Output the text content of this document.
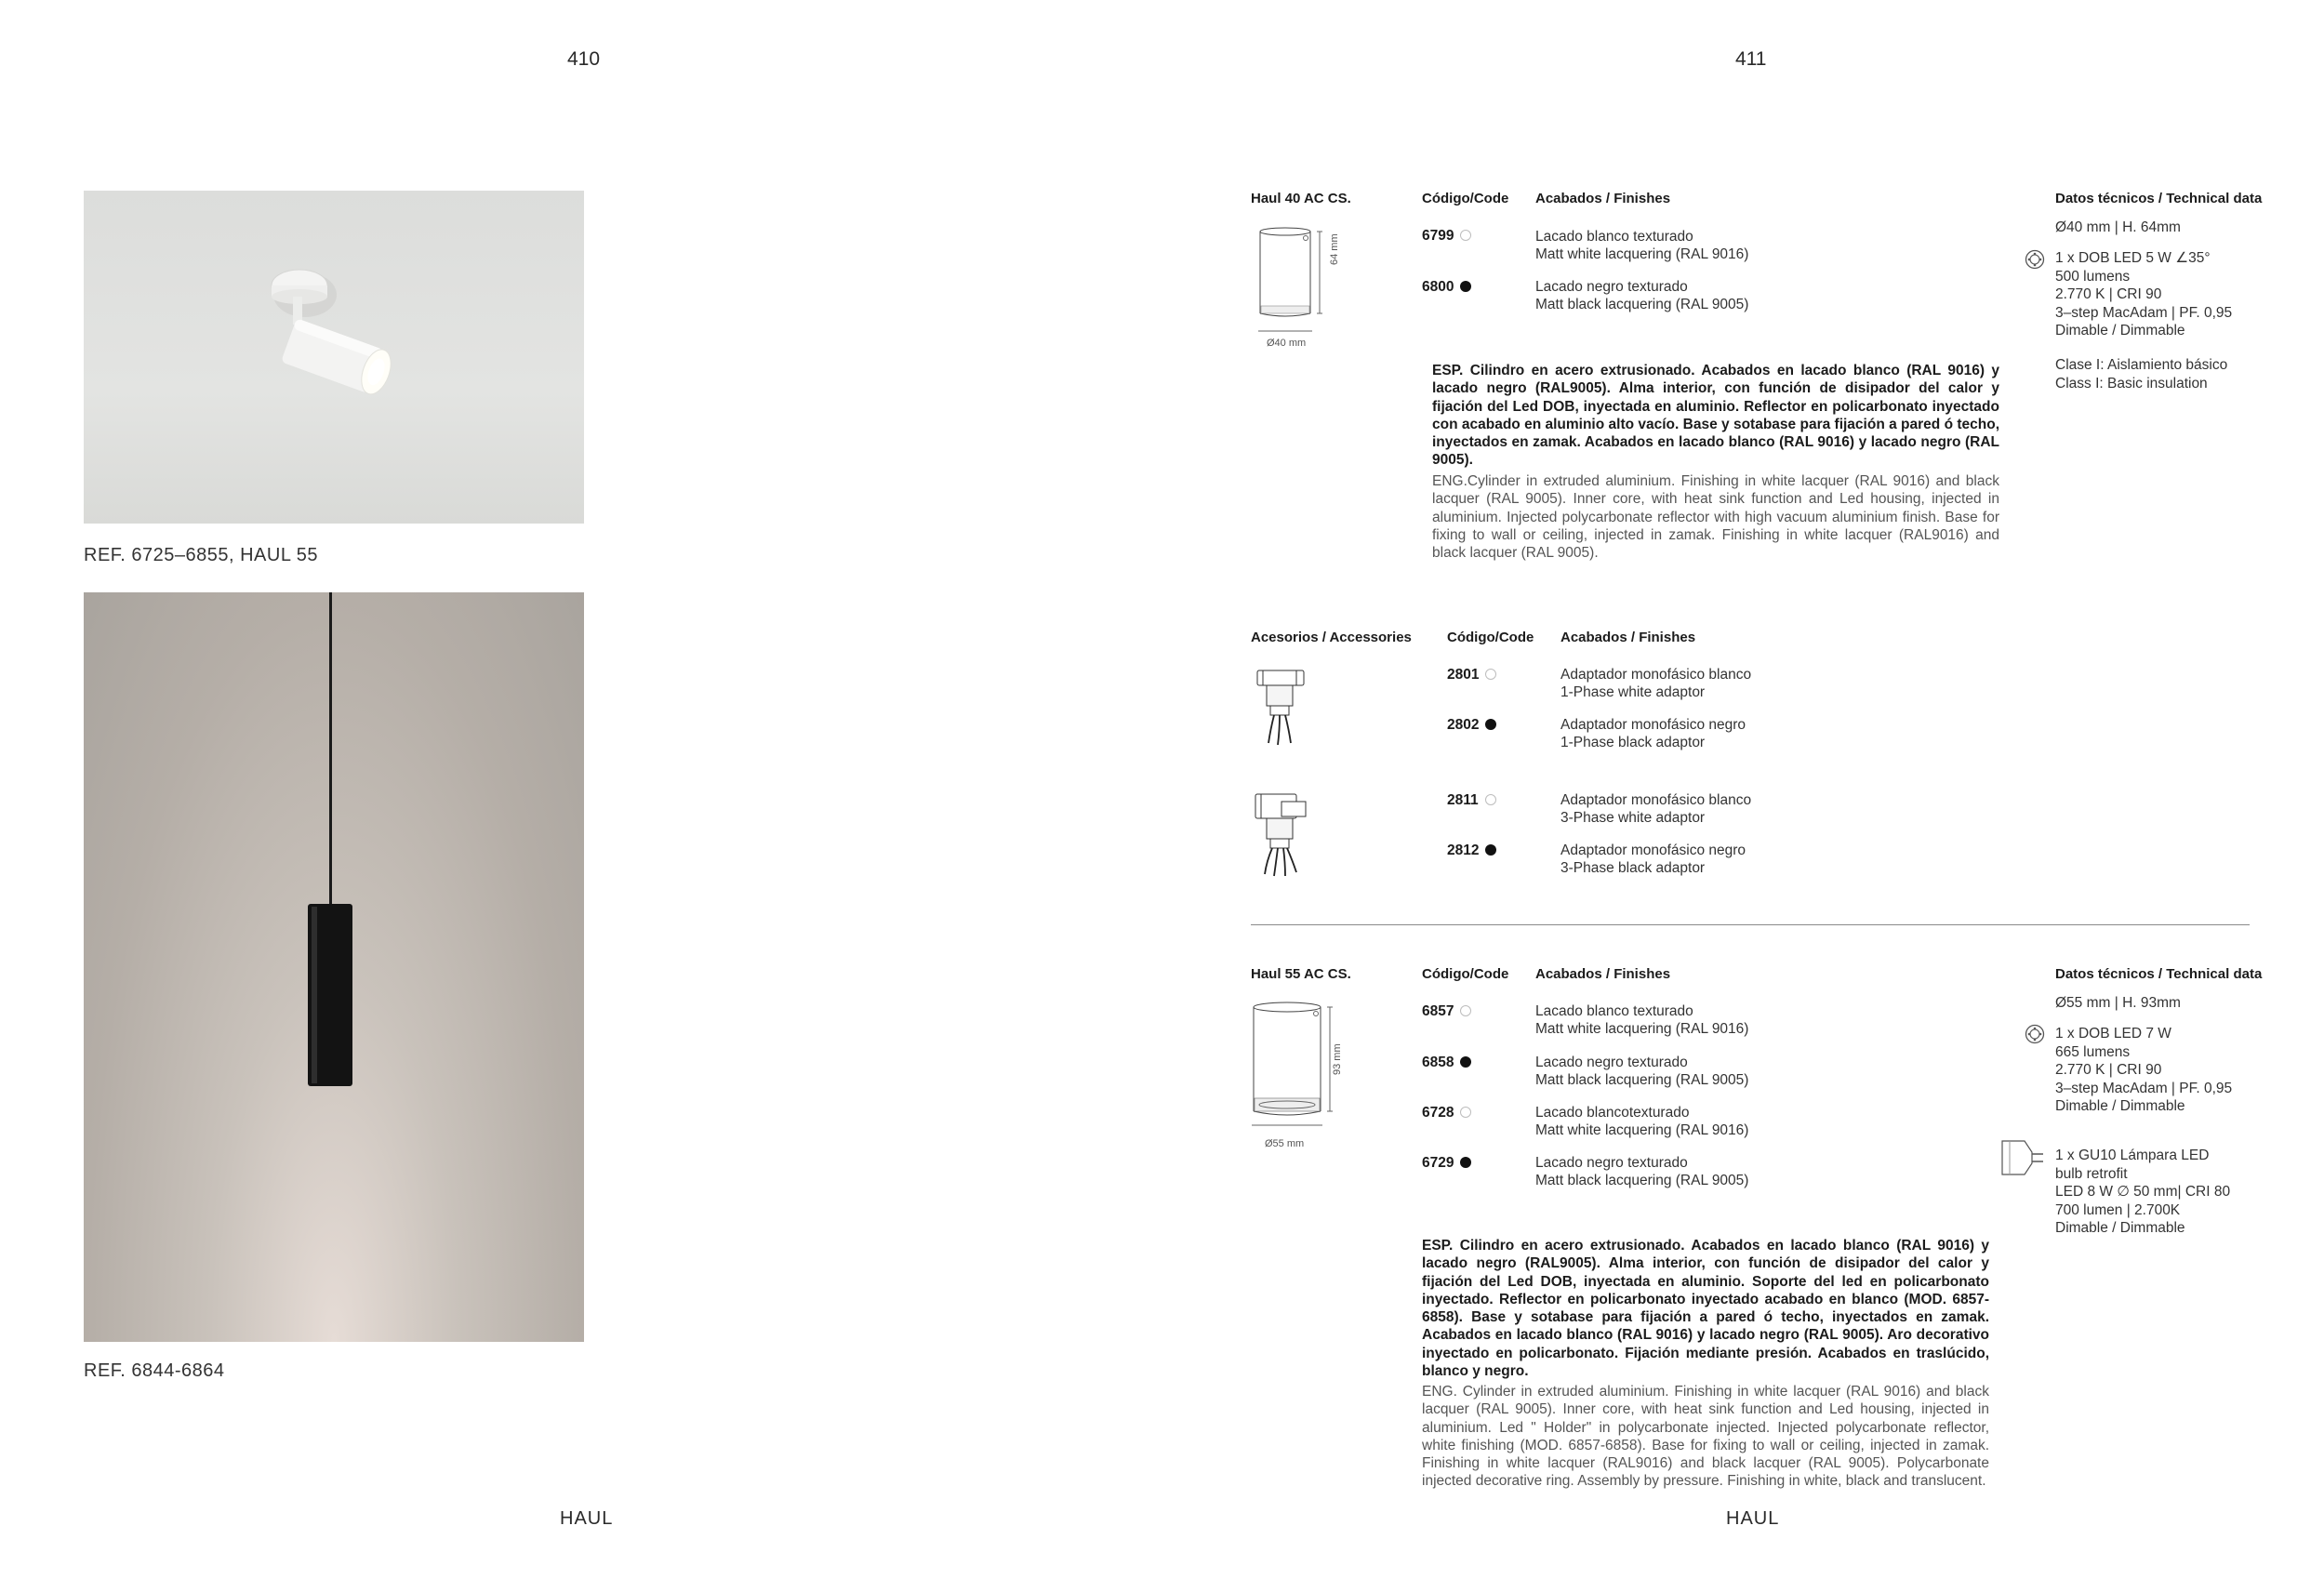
410
REF. 6725–6855, HAUL 55
REF. 6844-6864
HAUL
411
Haul 40 AC CS.	Código/Code Acabados / Finishes	Datos técnicos / Technical data
64 mm
Ø40 mm
6799	Lacado blanco texturado
Matt white lacquering (RAL 9016)
6800	Lacado negro texturado
Matt black lacquering (RAL 9005)
Ø40 mm | H. 64mm
1 x DOB LED 5 W ∠35°
500 lumens
2.770 K | CRI 90
3–step MacAdam | PF. 0,95
Dimable / Dimmable
Clase I: Aislamiento básico
Class I: Basic insulation
ESP. Cilindro en acero extrusionado. Acabados en lacado blanco (RAL 9016) y lacado negro (RAL9005). Alma interior, con función de disipador del calor y fijación del Led DOB, inyectada en aluminio. Reflector en policarbonato inyectado con acabado en aluminio alto vacío. Base y sotabase para fijación a pared ó techo, inyectados en zamak. Acabados en lacado blanco (RAL 9016) y lacado negro (RAL 9005).
ENG.Cylinder in extruded aluminium. Finishing in white lacquer (RAL 9016) and black lacquer (RAL 9005). Inner core, with heat sink function and Led housing, injected in aluminium. Injected polycarbonate reflector with high vacuum aluminium finish. Base for fixing to wall or ceiling, injected in zamak. Finishing in white lacquer (RAL9016) and black lacquer (RAL 9005).
Acesorios / Accessories	Código/Code Acabados / Finishes
2801	Adaptador monofásico blanco
1-Phase white adaptor
2802	Adaptador monofásico negro
1-Phase black adaptor
2811	Adaptador monofásico blanco
3-Phase white adaptor
2812	Adaptador monofásico negro
3-Phase black adaptor
Haul 55 AC CS.	Código/Code Acabados / Finishes	Datos técnicos / Technical data
93 mm
Ø55 mm
6857	Lacado blanco texturado
Matt white lacquering (RAL 9016)
6858	Lacado negro texturado
Matt black lacquering (RAL 9005)
6728	Lacado blancotexturado
Matt white lacquering (RAL 9016)
6729	Lacado negro texturado
Matt black lacquering (RAL 9005)
Ø55 mm | H. 93mm
1 x DOB LED 7 W
665 lumens
2.770 K | CRI 90
3–step MacAdam | PF. 0,95
Dimable / Dimmable
1 x GU10 Lámpara LED
bulb retrofit
LED 8 W ∅ 50 mm| CRI 80
700 lumen | 2.700K
Dimable / Dimmable
ESP. Cilindro en acero extrusionado. Acabados en lacado blanco (RAL 9016) y lacado negro (RAL9005). Alma interior, con función de disipador del calor y fijación del Led DOB, inyectada en aluminio. Soporte del led en policarbonato inyectado. Reflector en policarbonato inyectado acabado en blanco (MOD. 6857-6858). Base y sotabase para fijación a pared ó techo, inyectados en zamak. Acabados en lacado blanco (RAL 9016) y lacado negro (RAL 9005). Aro decorativo inyectado en policarbonato. Fijación mediante presión. Acabados en traslúcido, blanco y negro.
ENG. Cylinder in extruded aluminium. Finishing in white lacquer (RAL 9016) and black lacquer (RAL 9005). Inner core, with heat sink function and Led housing, injected in aluminium. Led " Holder" in polycarbonate injected. Injected polycarbonate reflector, white finishing (MOD. 6857-6858). Base for fixing to wall or ceiling, injected in zamak. Finishing in white lacquer (RAL9016) and black lacquer (RAL 9005). Polycarbonate injected decorative ring. Assembly by pressure. Finishing in white, black and translucent.
HAUL
